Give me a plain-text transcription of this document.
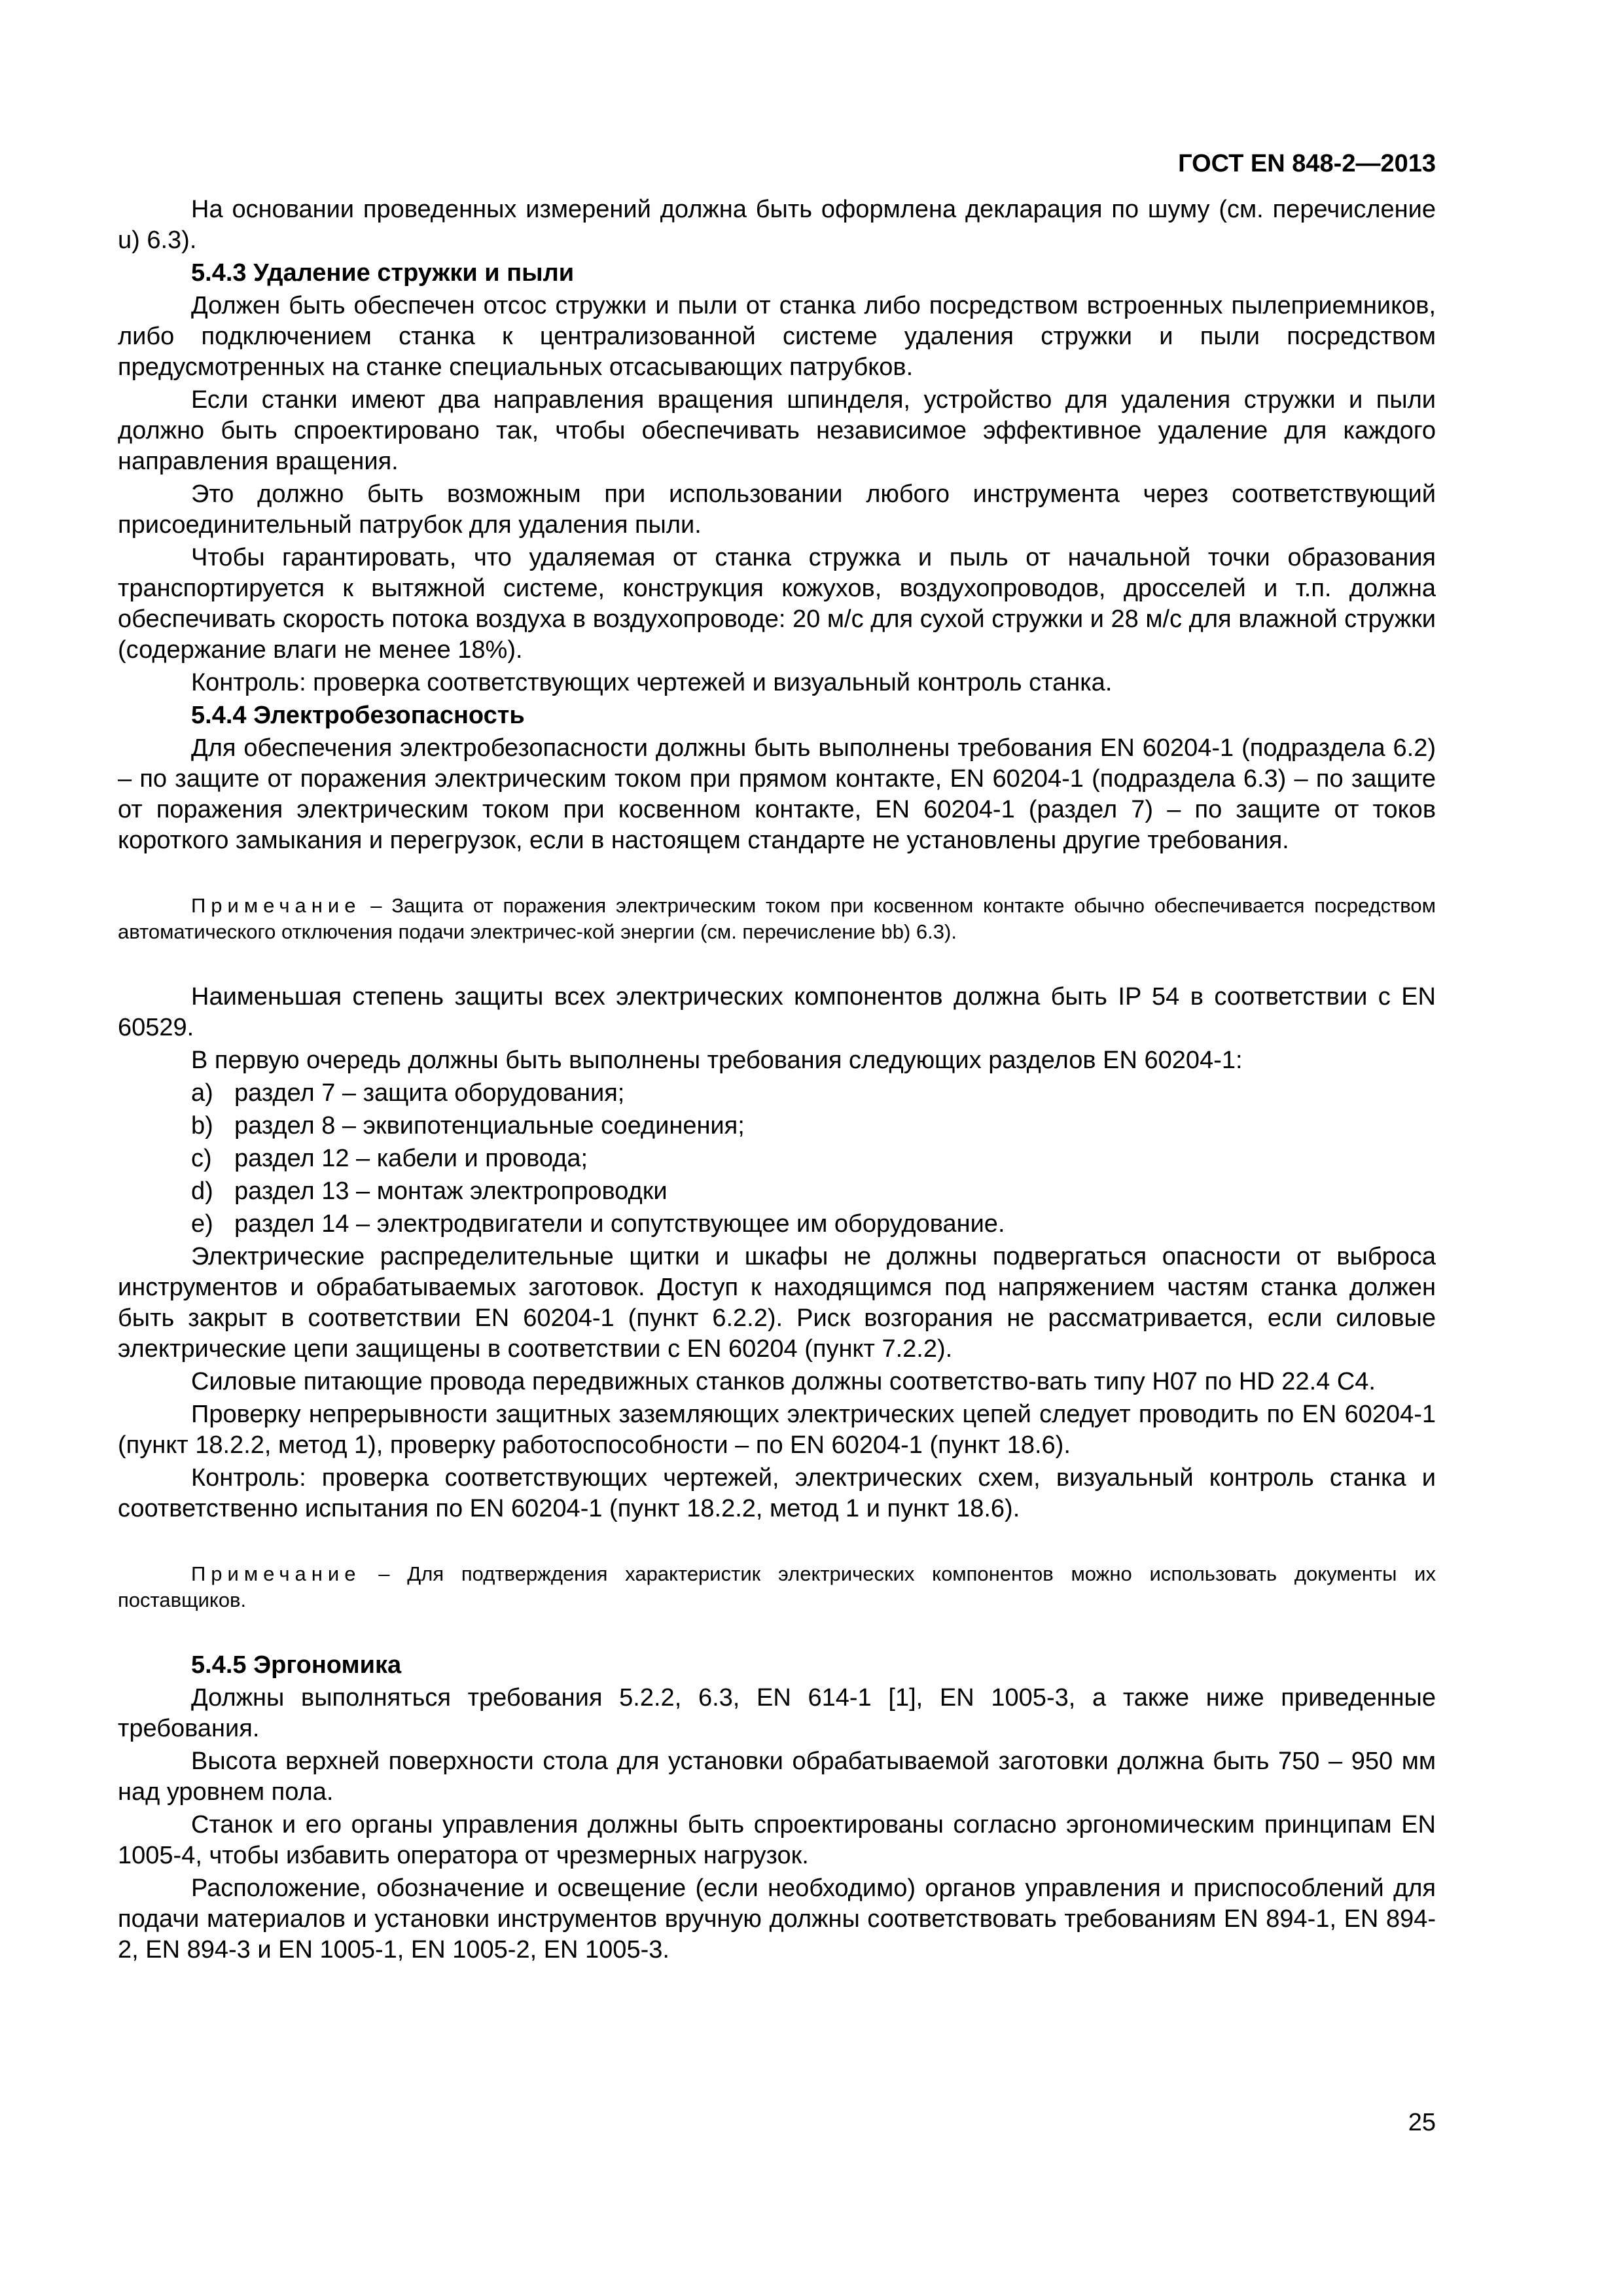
ГОСТ EN 848-2—2013

На основании проведенных измерений должна быть оформлена декларация по шуму (см. перечисление u) 6.3).

5.4.3 Удаление стружки и пыли

Должен быть обеспечен отсос стружки и пыли от станка либо посредством встроенных пылеприемников, либо подключением станка к централизованной системе удаления стружки и пыли посредством предусмотренных на станке специальных отсасывающих патрубков.

Если станки имеют два направления вращения шпинделя, устройство для удаления стружки и пыли должно быть спроектировано так, чтобы обеспечивать независимое эффективное удаление для каждого направления вращения.

Это должно быть возможным при использовании любого инструмента через соответствующий присоединительный патрубок для удаления пыли.

Чтобы гарантировать, что удаляемая от станка стружка и пыль от начальной точки образования транспортируется к вытяжной системе, конструкция кожухов, воздухопроводов, дросселей и т.п. должна обеспечивать скорость потока воздуха в воздухопроводе: 20 м/с для сухой стружки и 28 м/с для влажной стружки (содержание влаги не менее 18%).

Контроль: проверка соответствующих чертежей и визуальный контроль станка.

5.4.4 Электробезопасность

Для обеспечения электробезопасности должны быть выполнены требования EN 60204-1 (подраздела 6.2) – по защите от поражения электрическим током при прямом контакте, EN 60204-1 (подраздела 6.3) – по защите от поражения электрическим током при косвенном контакте, EN 60204-1 (раздел 7) – по защите от токов короткого замыкания и перегрузок, если в настоящем стандарте не установлены другие требования.

Примечание – Защита от поражения электрическим током при косвенном контакте обычно обеспечивается посредством автоматического отключения подачи электричес-кой энергии (см. перечисление bb) 6.3).

Наименьшая степень защиты всех электрических компонентов должна быть IP 54 в соответствии с EN 60529.

В первую очередь должны быть выполнены требования следующих разделов EN 60204-1:

a) раздел 7 – защита оборудования;
b) раздел 8 – эквипотенциальные соединения;
c) раздел 12 – кабели и провода;
d) раздел 13 – монтаж электропроводки
e) раздел 14 – электродвигатели и сопутствующее им оборудование.

Электрические распределительные щитки и шкафы не должны подвергаться опасности от выброса инструментов и обрабатываемых заготовок. Доступ к находящимся под напряжением частям станка должен быть закрыт в соответствии EN 60204-1 (пункт 6.2.2). Риск возгорания не рассматривается, если силовые электрические цепи защищены в соответствии с EN 60204 (пункт 7.2.2).

Силовые питающие провода передвижных станков должны соответство-вать типу H07 по HD 22.4 C4.

Проверку непрерывности защитных заземляющих электрических цепей следует проводить по EN 60204-1 (пункт 18.2.2, метод 1), проверку работоспособности – по EN 60204-1 (пункт 18.6).

Контроль: проверка соответствующих чертежей, электрических схем, визуальный контроль станка и соответственно испытания по EN 60204-1 (пункт 18.2.2, метод 1 и пункт 18.6).

Примечание – Для подтверждения характеристик электрических компонентов можно использовать документы их поставщиков.

5.4.5 Эргономика

Должны выполняться требования 5.2.2, 6.3, EN 614-1 [1], EN 1005-3, а также ниже приведенные требования.

Высота верхней поверхности стола для установки обрабатываемой заготовки должна быть 750 – 950 мм над уровнем пола.

Станок и его органы управления должны быть спроектированы согласно эргономическим принципам EN 1005-4, чтобы избавить оператора от чрезмерных нагрузок.

Расположение, обозначение и освещение (если необходимо) органов управления и приспособлений для подачи материалов и установки инструментов вручную должны соответствовать требованиям EN 894-1, EN 894-2, EN 894-3 и EN 1005-1, EN 1005-2, EN 1005-3.

25
